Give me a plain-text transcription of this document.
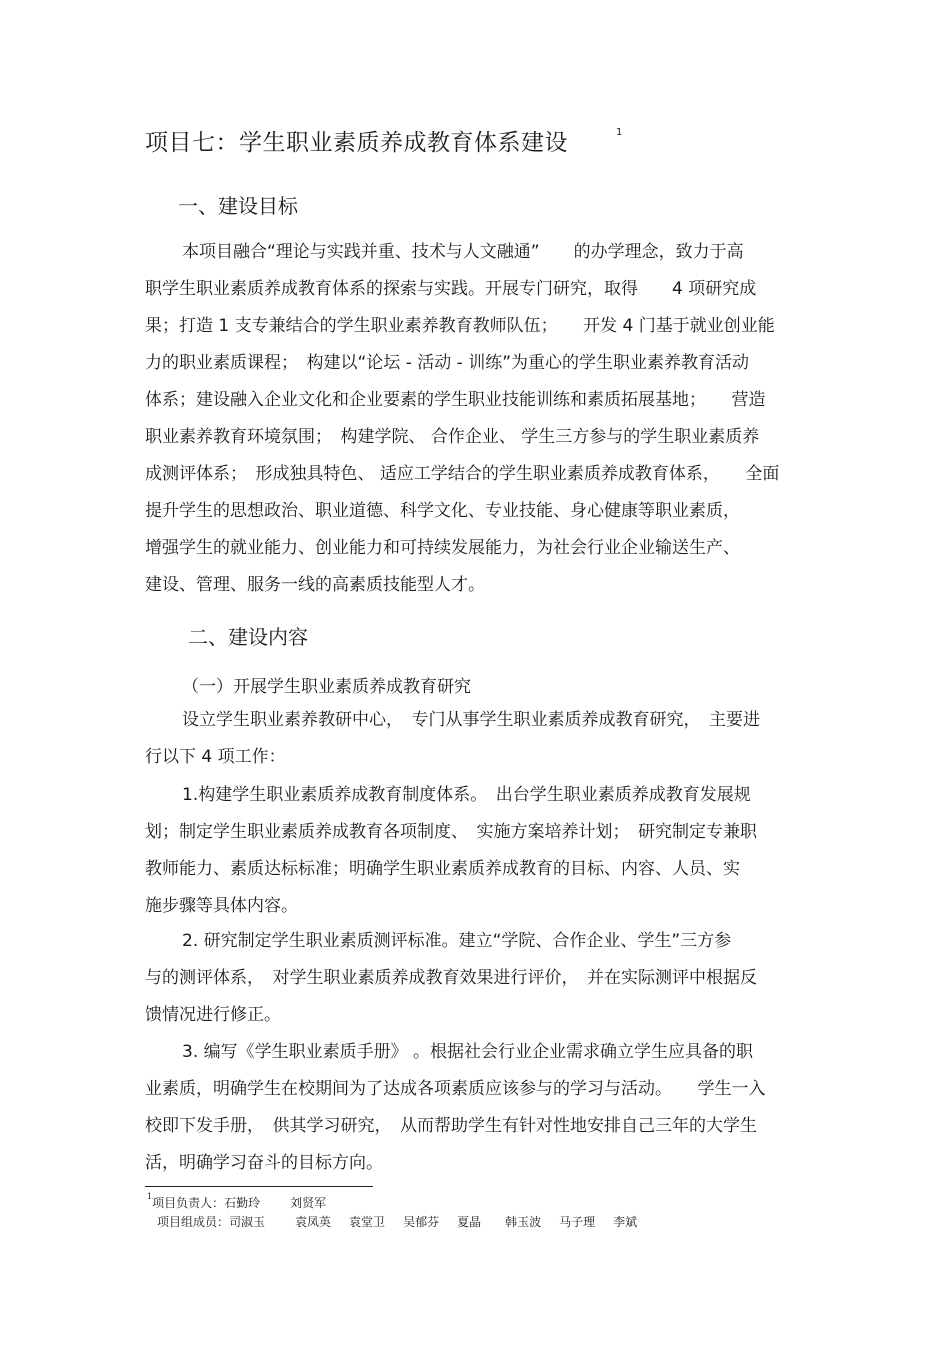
项目七：学生职业素质养成教育体系建设	$^1$
一、建设目标
本项目融合“理论与实践并重、技术与人文融通”　　的办学理念，致力于高
职学生职业素质养成教育体系的探索与实践。开展专门研究，取得　　4 项研究成
果；打造 1 支专兼结合的学生职业素养教育教师队伍；　　开发 4 门基于就业创业能
力的职业素质课程；　构建以“论坛 - 活动 - 训练”为重心的学生职业素养教育活动
体系；建设融入企业文化和企业要素的学生职业技能训练和素质拓展基地；　　营造
职业素养教育环境氛围；　构建学院、 合作企业、 学生三方参与的学生职业素质养
成测评体系；　形成独具特色、 适应工学结合的学生职业素质养成教育体系，　　全面
提升学生的思想政治、职业道德、科学文化、专业技能、身心健康等职业素质，
增强学生的就业能力、创业能力和可持续发展能力，为社会行业企业输送生产、
建设、管理、服务一线的高素质技能型人才。
二、建设内容
（一）开展学生职业素质养成教育研究
设立学生职业素养教研中心，　专门从事学生职业素质养成教育研究，　主要进
行以下 4 项工作：
1.构建学生职业素质养成教育制度体系。　出台学生职业素质养成教育发展规
划；制定学生职业素质养成教育各项制度、　实施方案培养计划；　研究制定专兼职
教师能力、素质达标标准；明确学生职业素质养成教育的目标、内容、人员、实
施步骤等具体内容。
2. 研究制定学生职业素质测评标准。建立“学院、合作企业、学生”三方参
与的测评体系，　对学生职业素质养成教育效果进行评价，　并在实际测评中根据反
馈情况进行修正。
3. 编写《学生职业素质手册》 。根据社会行业企业需求确立学生应具备的职
业素质，明确学生在校期间为了达成各项素质应该参与的学习与活动。　　学生一入
校即下发手册，　供其学习研究，　从而帮助学生有针对性地安排自己三年的大学生
活，明确学习奋斗的目标方向。
$^1$项目负责人：石勤玲	刘贤军
项目组成员：司淑玉	袁凤英 袁堂卫 吴郁芬 夏晶 韩玉波 马子理 李斌
